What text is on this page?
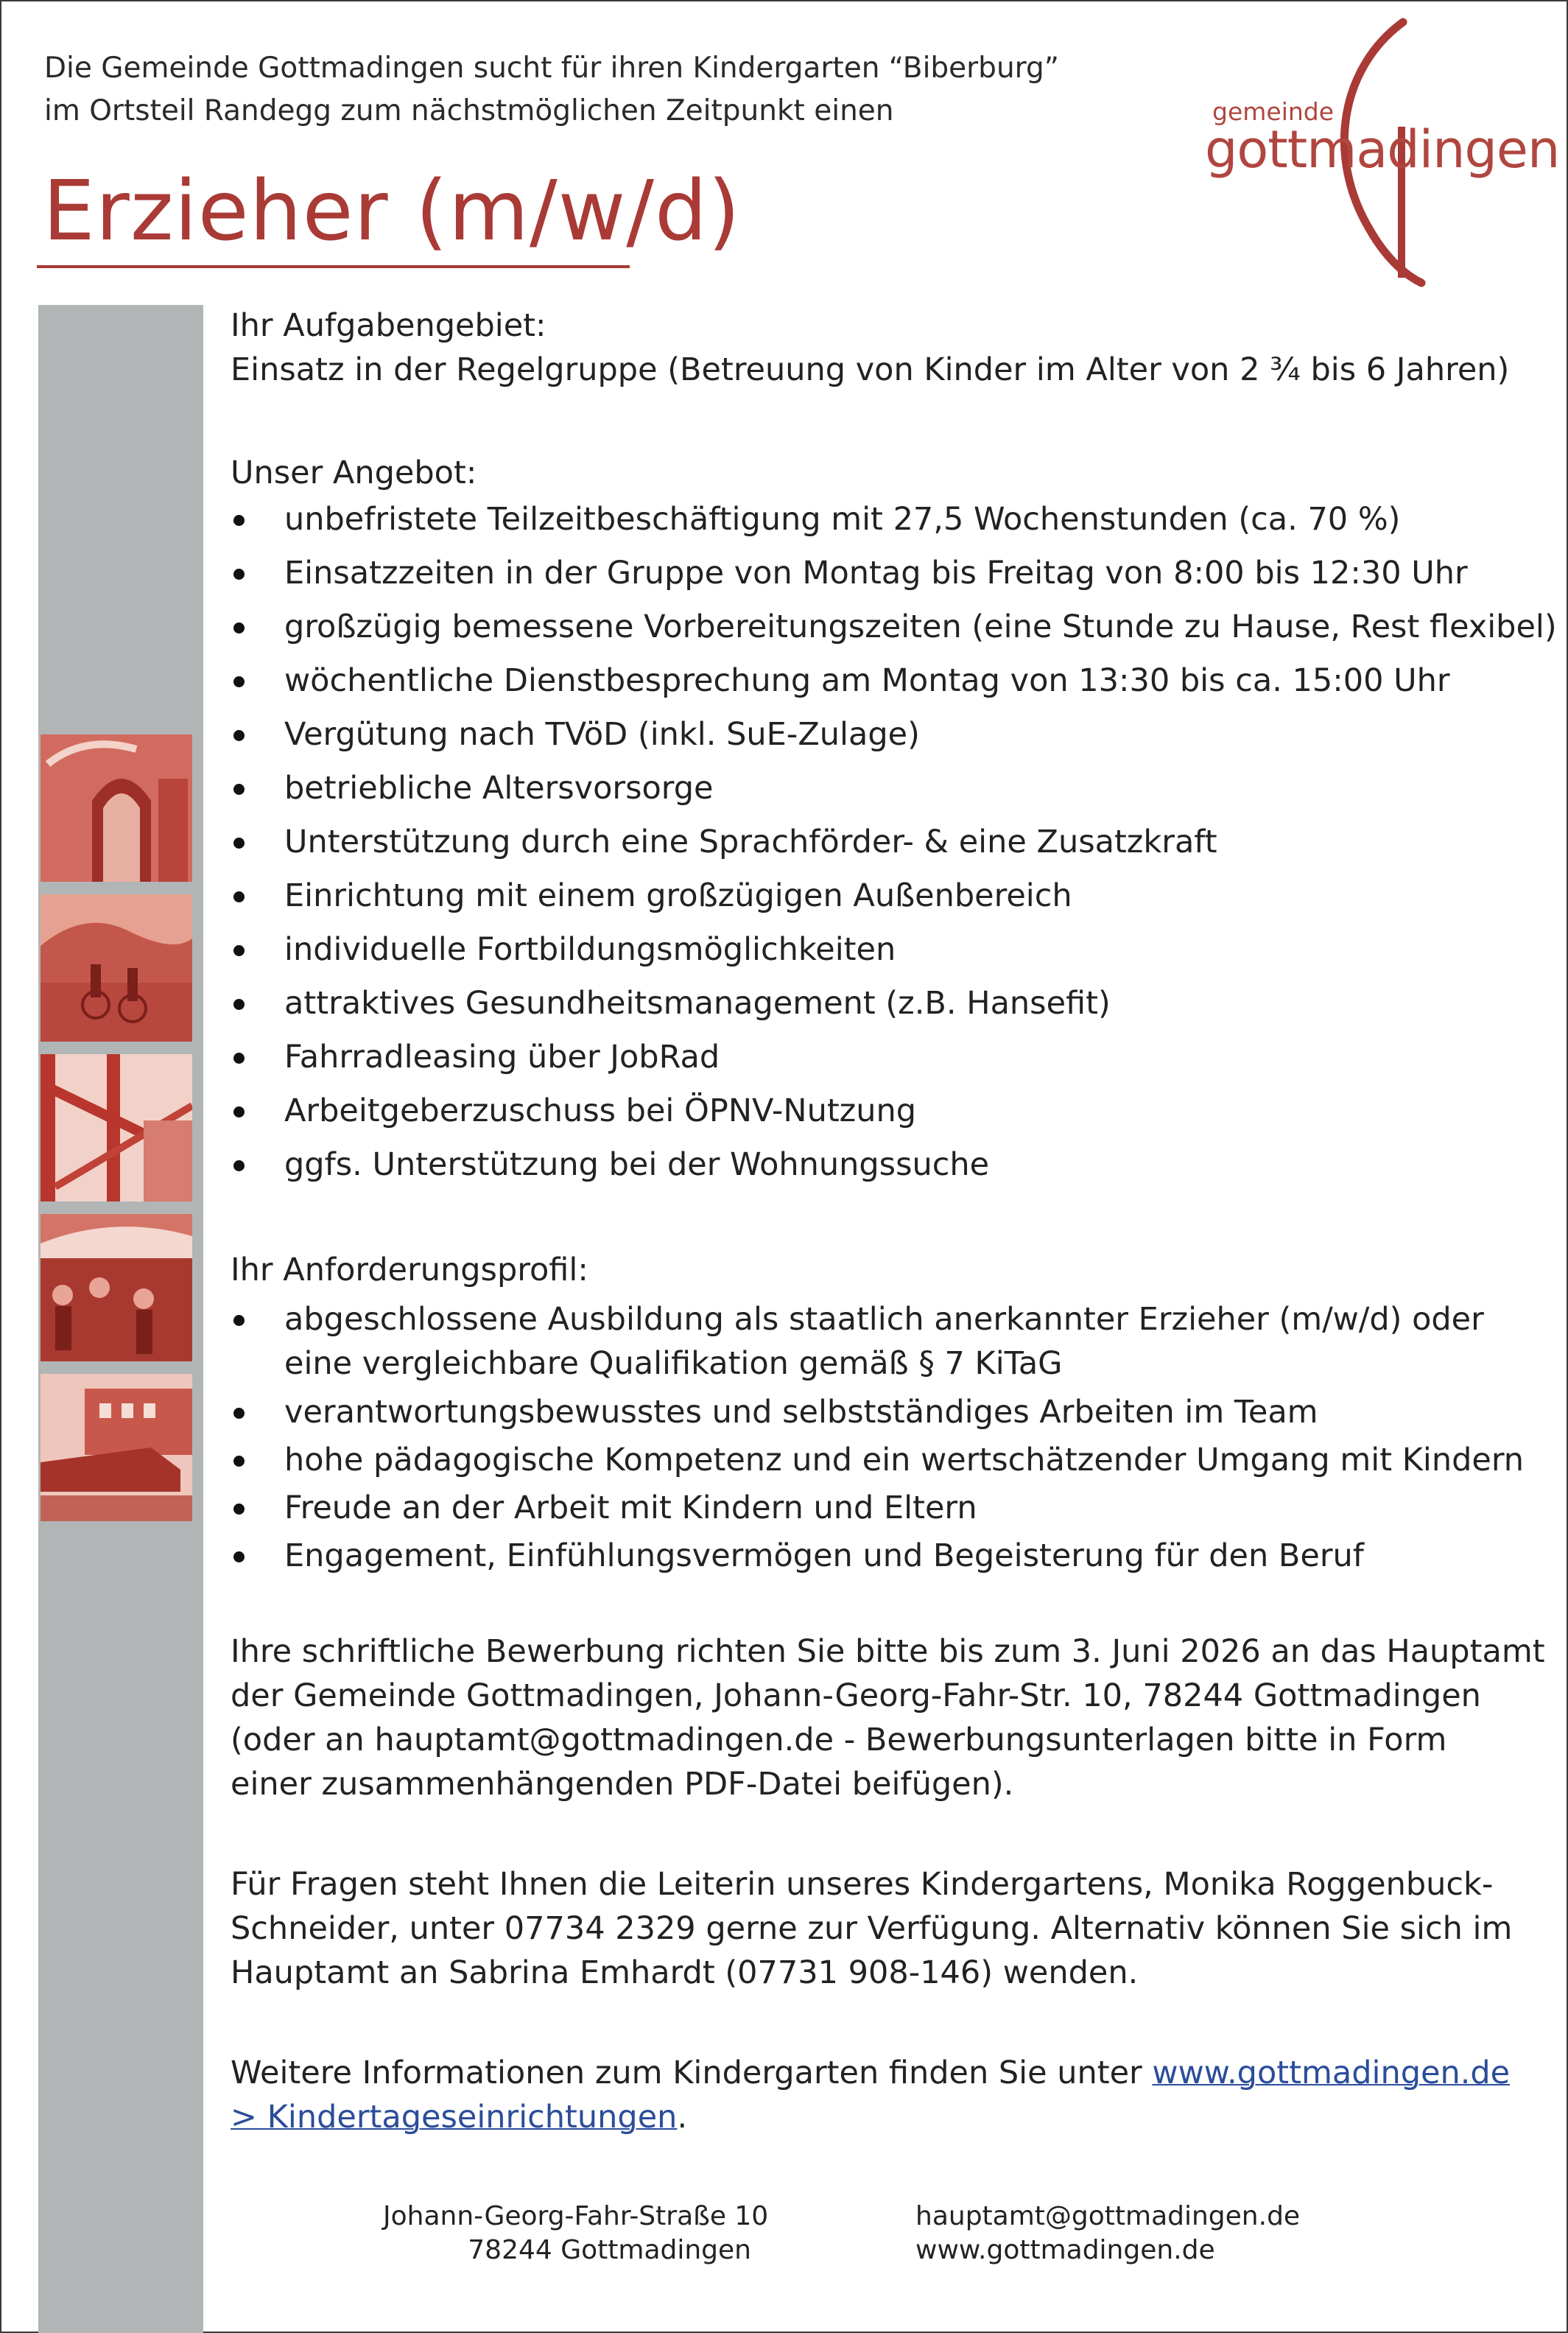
Die Gemeinde Gottmadingen sucht für ihren Kindergarten “Biberburg”
im Ortsteil Randegg zum nächstmöglichen Zeitpunkt einen
Erzieher (m/w/d)
gemeinde
gottmadingen
Ihr Aufgabengebiet:
Einsatz in der Regelgruppe (Betreuung von Kinder im Alter von 2 ¾ bis 6 Jahren)
Unser Angebot:
unbefristete Teilzeitbeschäftigung mit 27,5 Wochenstunden (ca. 70 %)
Einsatzzeiten in der Gruppe von Montag bis Freitag von 8:00 bis 12:30 Uhr
großzügig bemessene Vorbereitungszeiten (eine Stunde zu Hause, Rest flexibel)
wöchentliche Dienstbesprechung am Montag von 13:30 bis ca. 15:00 Uhr
Vergütung nach TVöD (inkl. SuE-Zulage)
betriebliche Altersvorsorge
Unterstützung durch eine Sprachförder- & eine Zusatzkraft
Einrichtung mit einem großzügigen Außenbereich
individuelle Fortbildungsmöglichkeiten
attraktives Gesundheitsmanagement (z.B. Hansefit)
Fahrradleasing über JobRad
Arbeitgeberzuschuss bei ÖPNV-Nutzung
ggfs. Unterstützung bei der Wohnungssuche
Ihr Anforderungsprofil:
abgeschlossene Ausbildung als staatlich anerkannter Erzieher (m/w/d) oder
eine vergleichbare Qualifikation gemäß § 7 KiTaG
verantwortungsbewusstes und selbstständiges Arbeiten im Team
hohe pädagogische Kompetenz und ein wertschätzender Umgang mit Kindern
Freude an der Arbeit mit Kindern und Eltern
Engagement, Einfühlungsvermögen und Begeisterung für den Beruf
Ihre schriftliche Bewerbung richten Sie bitte bis zum 3. Juni 2026 an das Hauptamt
der Gemeinde Gottmadingen, Johann-Georg-Fahr-Str. 10, 78244 Gottmadingen
(oder an hauptamt@gottmadingen.de - Bewerbungsunterlagen bitte in Form
einer zusammenhängenden PDF-Datei beifügen).
Für Fragen steht Ihnen die Leiterin unseres Kindergartens, Monika Roggenbuck-
Schneider, unter 07734 2329 gerne zur Verfügung. Alternativ können Sie sich im
Hauptamt an Sabrina Emhardt (07731 908-146) wenden.
Weitere Informationen zum Kindergarten finden Sie unter www.gottmadingen.de
> Kindertageseinrichtungen.
Johann-Georg-Fahr-Straße 10
78244 Gottmadingen
hauptamt@gottmadingen.de
www.gottmadingen.de
